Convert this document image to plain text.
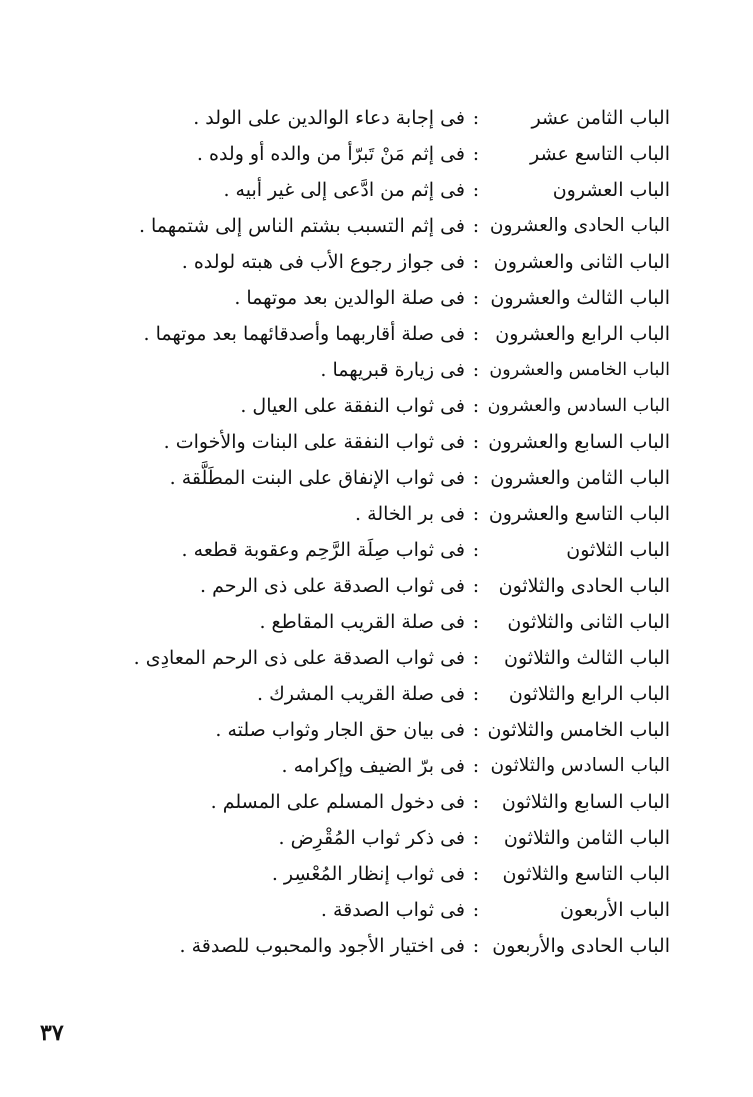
الباب الثامن عشر
:
فى إجابة دعاء الوالدين على الولد .
الباب التاسع عشر
:
فى إثم مَنْ تَبرّأ من والده أو ولده .
الباب العشرون
:
فى إثم من ادَّعى إلى غير أبيه .
الباب الحادى والعشرون
:
فى إثم التسبب بشتم الناس إلى شتمهما .
الباب الثانى والعشرون
:
فى جواز رجوع الأب فى هبته لولده .
الباب الثالث والعشرون
:
فى صلة الوالدين بعد موتهما .
الباب الرابع والعشرون
:
فى صلة أقاربهما وأصدقائهما بعد موتهما .
الباب الخامس والعشرون
:
فى زيارة قبريهما .
الباب السادس والعشرون
:
فى ثواب النفقة على العيال .
الباب السابع والعشرون
:
فى ثواب النفقة على البنات والأخوات .
الباب الثامن والعشرون
:
فى ثواب الإنفاق على البنت المطَلَّقة .
الباب التاسع والعشرون
:
فى بر الخالة .
الباب الثلاثون
:
فى ثواب صِلَة الرَّحِم وعقوبة قطعه .
الباب الحادى والثلاثون
:
فى ثواب الصدقة على ذى الرحم .
الباب الثانى والثلاثون
:
فى صلة القريب المقاطع .
الباب الثالث والثلاثون
:
فى ثواب الصدقة على ذى الرحم المعادِى .
الباب الرابع والثلاثون
:
فى صلة القريب المشرك .
الباب الخامس والثلاثون
:
فى بيان حق الجار وثواب صلته .
الباب السادس والثلاثون
:
فى برّ الضيف وإكرامه .
الباب السابع والثلاثون
:
فى دخول المسلم على المسلم .
الباب الثامن والثلاثون
:
فى ذكر ثواب المُقْرِض .
الباب التاسع والثلاثون
:
فى ثواب إنظار المُعْسِر .
الباب الأربعون
:
فى ثواب الصدقة .
الباب الحادى والأربعون
:
فى اختيار الأجود والمحبوب للصدقة .
٣٧
